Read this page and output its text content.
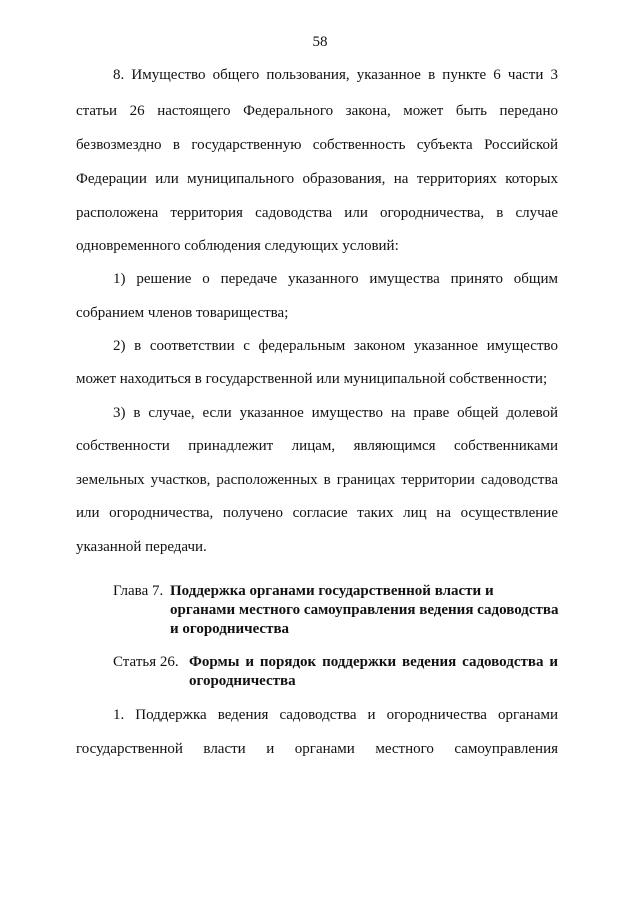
58
8. Имущество общего пользования, указанное в пункте 6 части 3
статьи 26 настоящего Федерального закона, может быть передано
безвозмездно в государственную собственность субъекта Российской
Федерации или муниципального образования, на территориях которых
расположена территория садоводства или огородничества, в случае
одновременного соблюдения следующих условий:
1) решение о передаче указанного имущества принято общим
собранием членов товарищества;
2) в соответствии с федеральным законом указанное имущество
может находиться в государственной или муниципальной собственности;
3) в случае, если указанное имущество на праве общей долевой
собственности принадлежит лицам, являющимся собственниками
земельных участков, расположенных в границах территории садоводства
или огородничества, получено согласие таких лиц на осуществление
указанной передачи.
Глава 7. Поддержка органами государственной власти и
органами местного самоуправления ведения садоводства
и огородничества
Статья 26. Формы и порядок поддержки ведения садоводства и
огородничества
1. Поддержка ведения садоводства и огородничества органами
государственной власти и органами местного самоуправления
